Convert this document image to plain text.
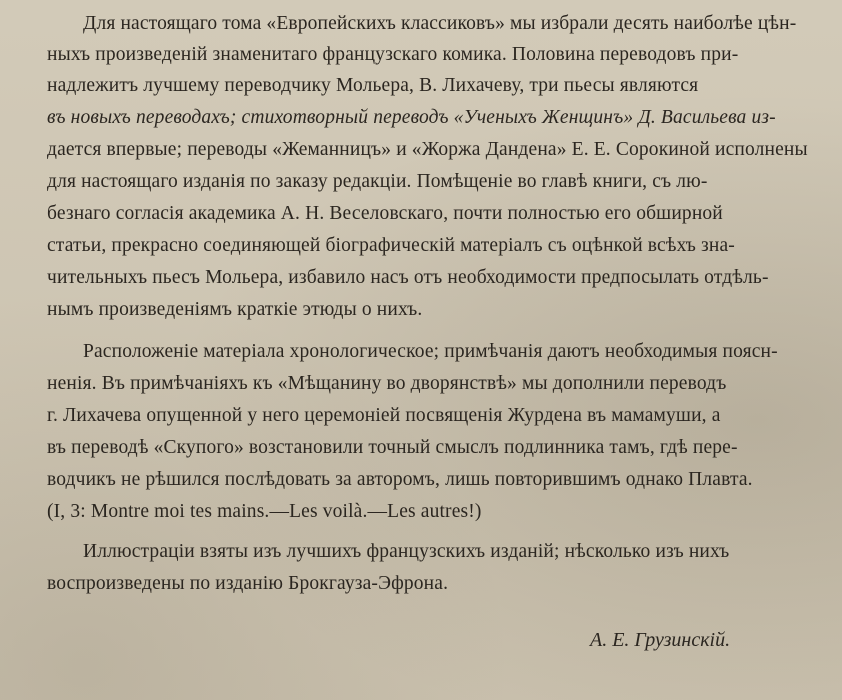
Для настоящаго тома «Европейскихъ классиковъ» мы избрали десять наиболѣе цѣн-
ныхъ произведеній знаменитаго французскаго комика. Половина переводовъ при-
надлежитъ лучшему переводчику Мольера, В. Лихачеву, три пьесы являются
въ новыхъ переводахъ; стихотворный переводъ «Ученыхъ Женщинъ» Д. Васильева из-
дается впервые; переводы «Жеманницъ» и «Жоржа Дандена» Е. Е. Сорокиной исполнены
для настоящаго изданія по заказу редакціи. Помѣщеніе во главѣ книги, съ лю-
безнаго согласія академика А. Н. Веселовскаго, почти полностью его обширной
статьи, прекрасно соединяющей біографическій матеріалъ съ оцѣнкой всѣхъ зна-
чительныхъ пьесъ Мольера, избавило насъ отъ необходимости предпосылать отдѣль-
нымъ произведеніямъ краткіе этюды о нихъ.
Расположеніе матеріала хронологическое; примѣчанія даютъ необходимыя поясн-
ненія. Въ примѣчаніяхъ къ «Мѣщанину во дворянствѣ» мы дополнили переводъ
г. Лихачева опущенной у него церемоніей посвященія Журдена въ мамамуши, а
въ переводѣ «Скупого» возстановили точный смыслъ подлинника тамъ, гдѣ пере-
водчикъ не рѣшился послѣдовать за авторомъ, лишь повторившимъ однако Плавта.
(I, 3: Montre moi tes mains.—Les voilà.—Les autres!)
Иллюстраціи взяты изъ лучшихъ французскихъ изданій; нѣсколько изъ нихъ
воспроизведены по изданію Брокгауза-Эфрона.
А. Е. Грузинскій.
